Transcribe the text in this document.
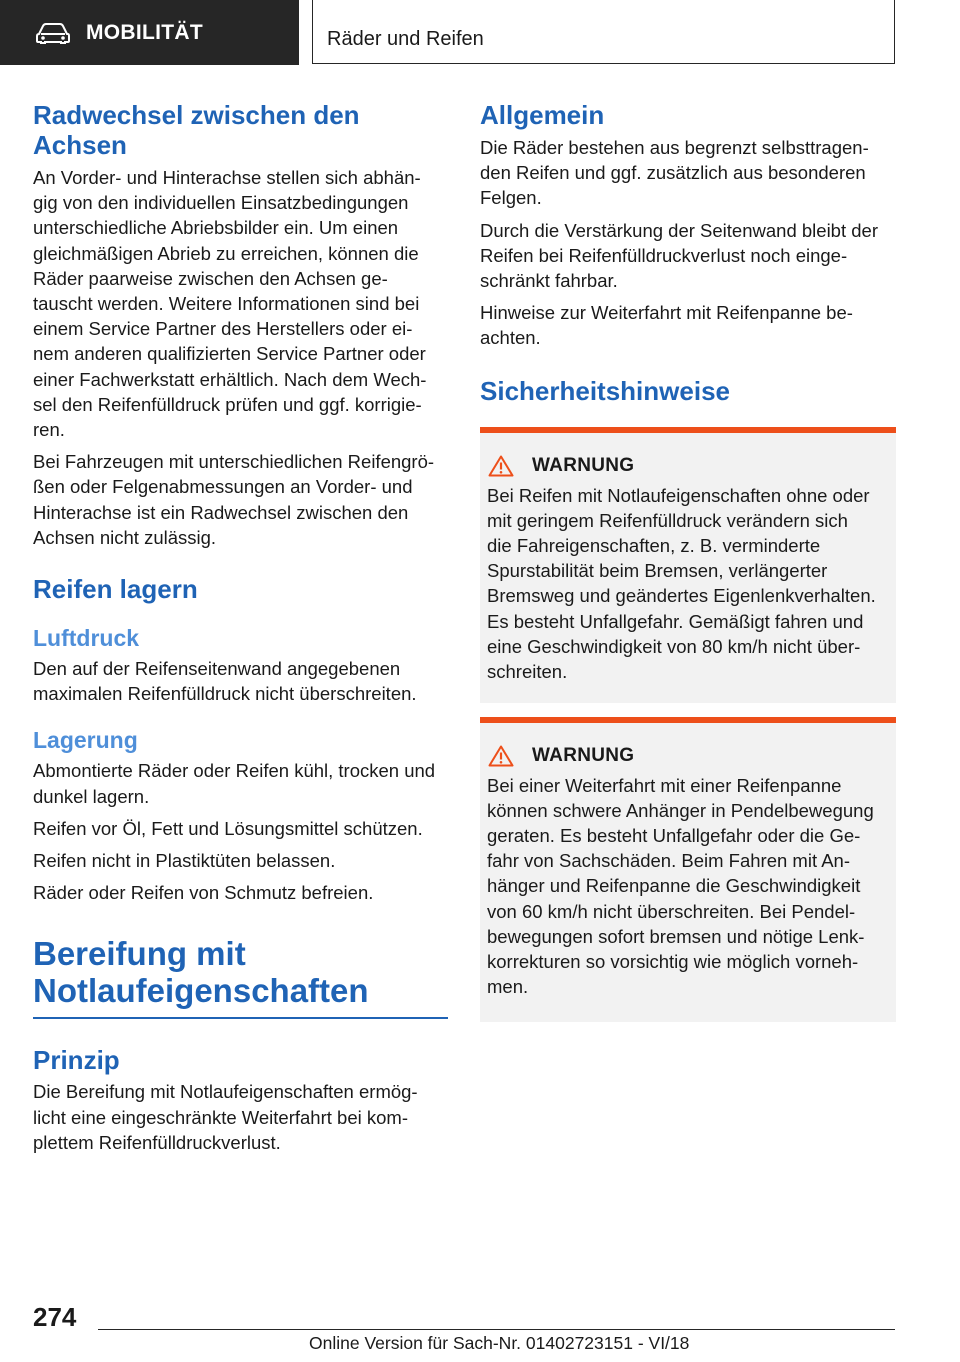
MOBILITÄT	Räder und Reifen
Radwechsel zwischen den
Achsen

An Vorder- und Hinterachse stellen sich abhän-
gig von den individuellen Einsatzbedingungen
unterschiedliche Abriebsbilder ein. Um einen
gleichmäßigen Abrieb zu erreichen, können die
Räder paarweise zwischen den Achsen ge-
tauscht werden. Weitere Informationen sind bei
einem Service Partner des Herstellers oder ei-
nem anderen qualifizierten Service Partner oder
einer Fachwerkstatt erhältlich. Nach dem Wech-
sel den Reifenfülldruck prüfen und ggf. korrigie-
ren.

Bei Fahrzeugen mit unterschiedlichen Reifengrö-
ßen oder Felgenabmessungen an Vorder- und
Hinterachse ist ein Radwechsel zwischen den
Achsen nicht zulässig.

Reifen lagern
Luftdruck

Den auf der Reifenseitenwand angegebenen
maximalen Reifenfülldruck nicht überschreiten.

Lagerung

Abmontierte Räder oder Reifen kühl, trocken und
dunkel lagern.

Reifen vor Öl, Fett und Lösungsmittel schützen.

Reifen nicht in Plastiktüten belassen.

Räder oder Reifen von Schmutz befreien.

Bereifung mit
Notlaufeigenschaften
Prinzip

Die Bereifung mit Notlaufeigenschaften ermög-
licht eine eingeschränkte Weiterfahrt bei kom-
plettem Reifenfülldruckverlust.

Allgemein

Die Räder bestehen aus begrenzt selbsttragen-
den Reifen und ggf. zusätzlich aus besonderen
Felgen.

Durch die Verstärkung der Seitenwand bleibt der
Reifen bei Reifenfülldruckverlust noch einge-
schränkt fahrbar.

Hinweise zur Weiterfahrt mit Reifenpanne be-
achten.

Sicherheitshinweise
WARNUNG

Bei Reifen mit Notlaufeigenschaften ohne oder
mit geringem Reifenfülldruck verändern sich
die Fahreigenschaften, z. B. verminderte
Spurstabilität beim Bremsen, verlängerter
Bremsweg und geändertes Eigenlenkverhalten.
Es besteht Unfallgefahr. Gemäßigt fahren und
eine Geschwindigkeit von 80 km/h nicht über-
schreiten.

WARNUNG

Bei einer Weiterfahrt mit einer Reifenpanne
können schwere Anhänger in Pendelbewegung
geraten. Es besteht Unfallgefahr oder die Ge-
fahr von Sachschäden. Beim Fahren mit An-
hänger und Reifenpanne die Geschwindigkeit
von 60 km/h nicht überschreiten. Bei Pendel-
bewegungen sofort bremsen und nötige Lenk-
korrekturen so vorsichtig wie möglich vorneh-
men.

274
Online Version für Sach-Nr. 01402723151 - VI/18
